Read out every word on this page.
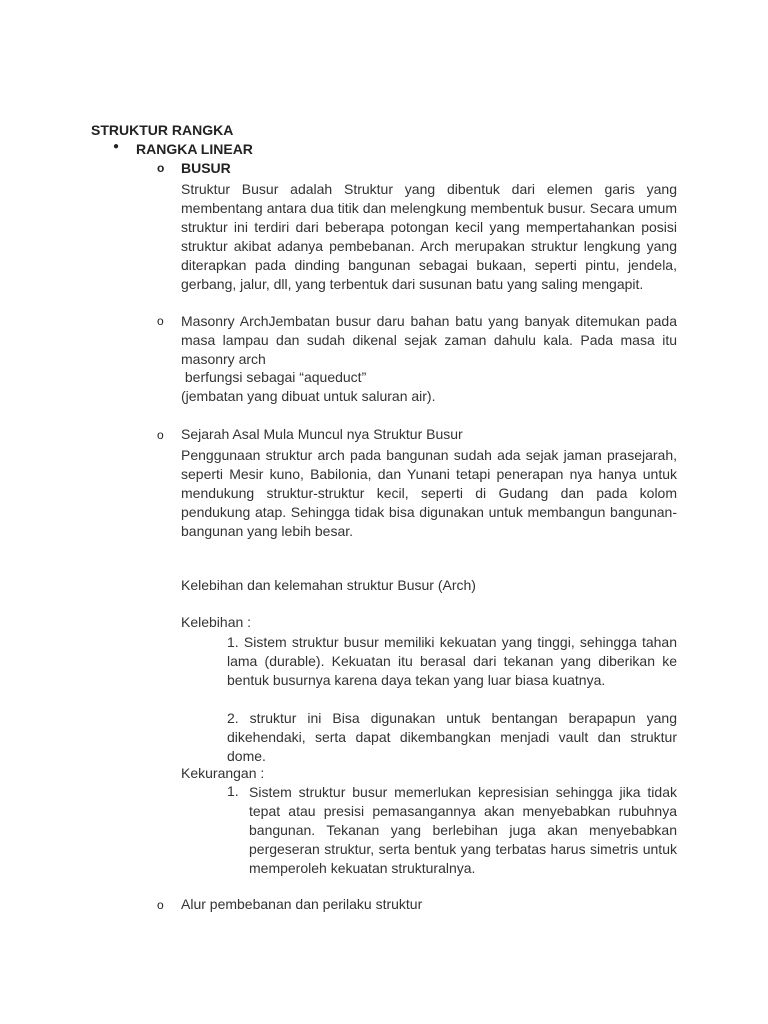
STRUKTUR RANGKA
● RANGKA LINEAR
o BUSUR

Struktur Busur adalah Struktur yang dibentuk dari elemen garis yang membentang antara dua titik dan melengkung membentuk busur. Secara umum struktur ini terdiri dari beberapa potongan kecil yang mempertahankan posisi struktur akibat adanya pembebanan. Arch merupakan struktur lengkung yang diterapkan pada dinding bangunan sebagai bukaan, seperti pintu, jendela, gerbang, jalur, dll, yang terbentuk dari susunan batu yang saling mengapit.

o Masonry ArchJembatan busur daru bahan batu yang banyak ditemukan pada masa lampau dan sudah dikenal sejak zaman dahulu kala. Pada masa itu masonry arch

berfungsi sebagai “aqueduct”
(jembatan yang dibuat untuk saluran air).
o Sejarah Asal Mula Muncul nya Struktur Busur

Penggunaan struktur arch pada bangunan sudah ada sejak jaman prasejarah, seperti Mesir kuno, Babilonia, dan Yunani tetapi penerapan nya hanya untuk mendukung struktur-struktur kecil, seperti di Gudang dan pada kolom pendukung atap. Sehingga tidak bisa digunakan untuk membangun bangunan-bangunan yang lebih besar.

Kelebihan dan kelemahan struktur Busur (Arch)
Kelebihan :

1. Sistem struktur busur memiliki kekuatan yang tinggi, sehingga tahan lama (durable). Kekuatan itu berasal dari tekanan yang diberikan ke bentuk busurnya karena daya tekan yang luar biasa kuatnya.

2. struktur ini Bisa digunakan untuk bentangan berapapun yang dikehendaki, serta dapat dikembangkan menjadi vault dan struktur dome.

Kekurangan :
1. Sistem struktur busur memerlukan kepresisian sehingga jika tidak tepat atau presisi pemasangannya akan menyebabkan rubuhnya bangunan. Tekanan yang berlebihan juga akan menyebabkan pergeseran struktur, serta bentuk yang terbatas harus simetris untuk memperoleh kekuatan strukturalnya.

o Alur pembebanan dan perilaku struktur
